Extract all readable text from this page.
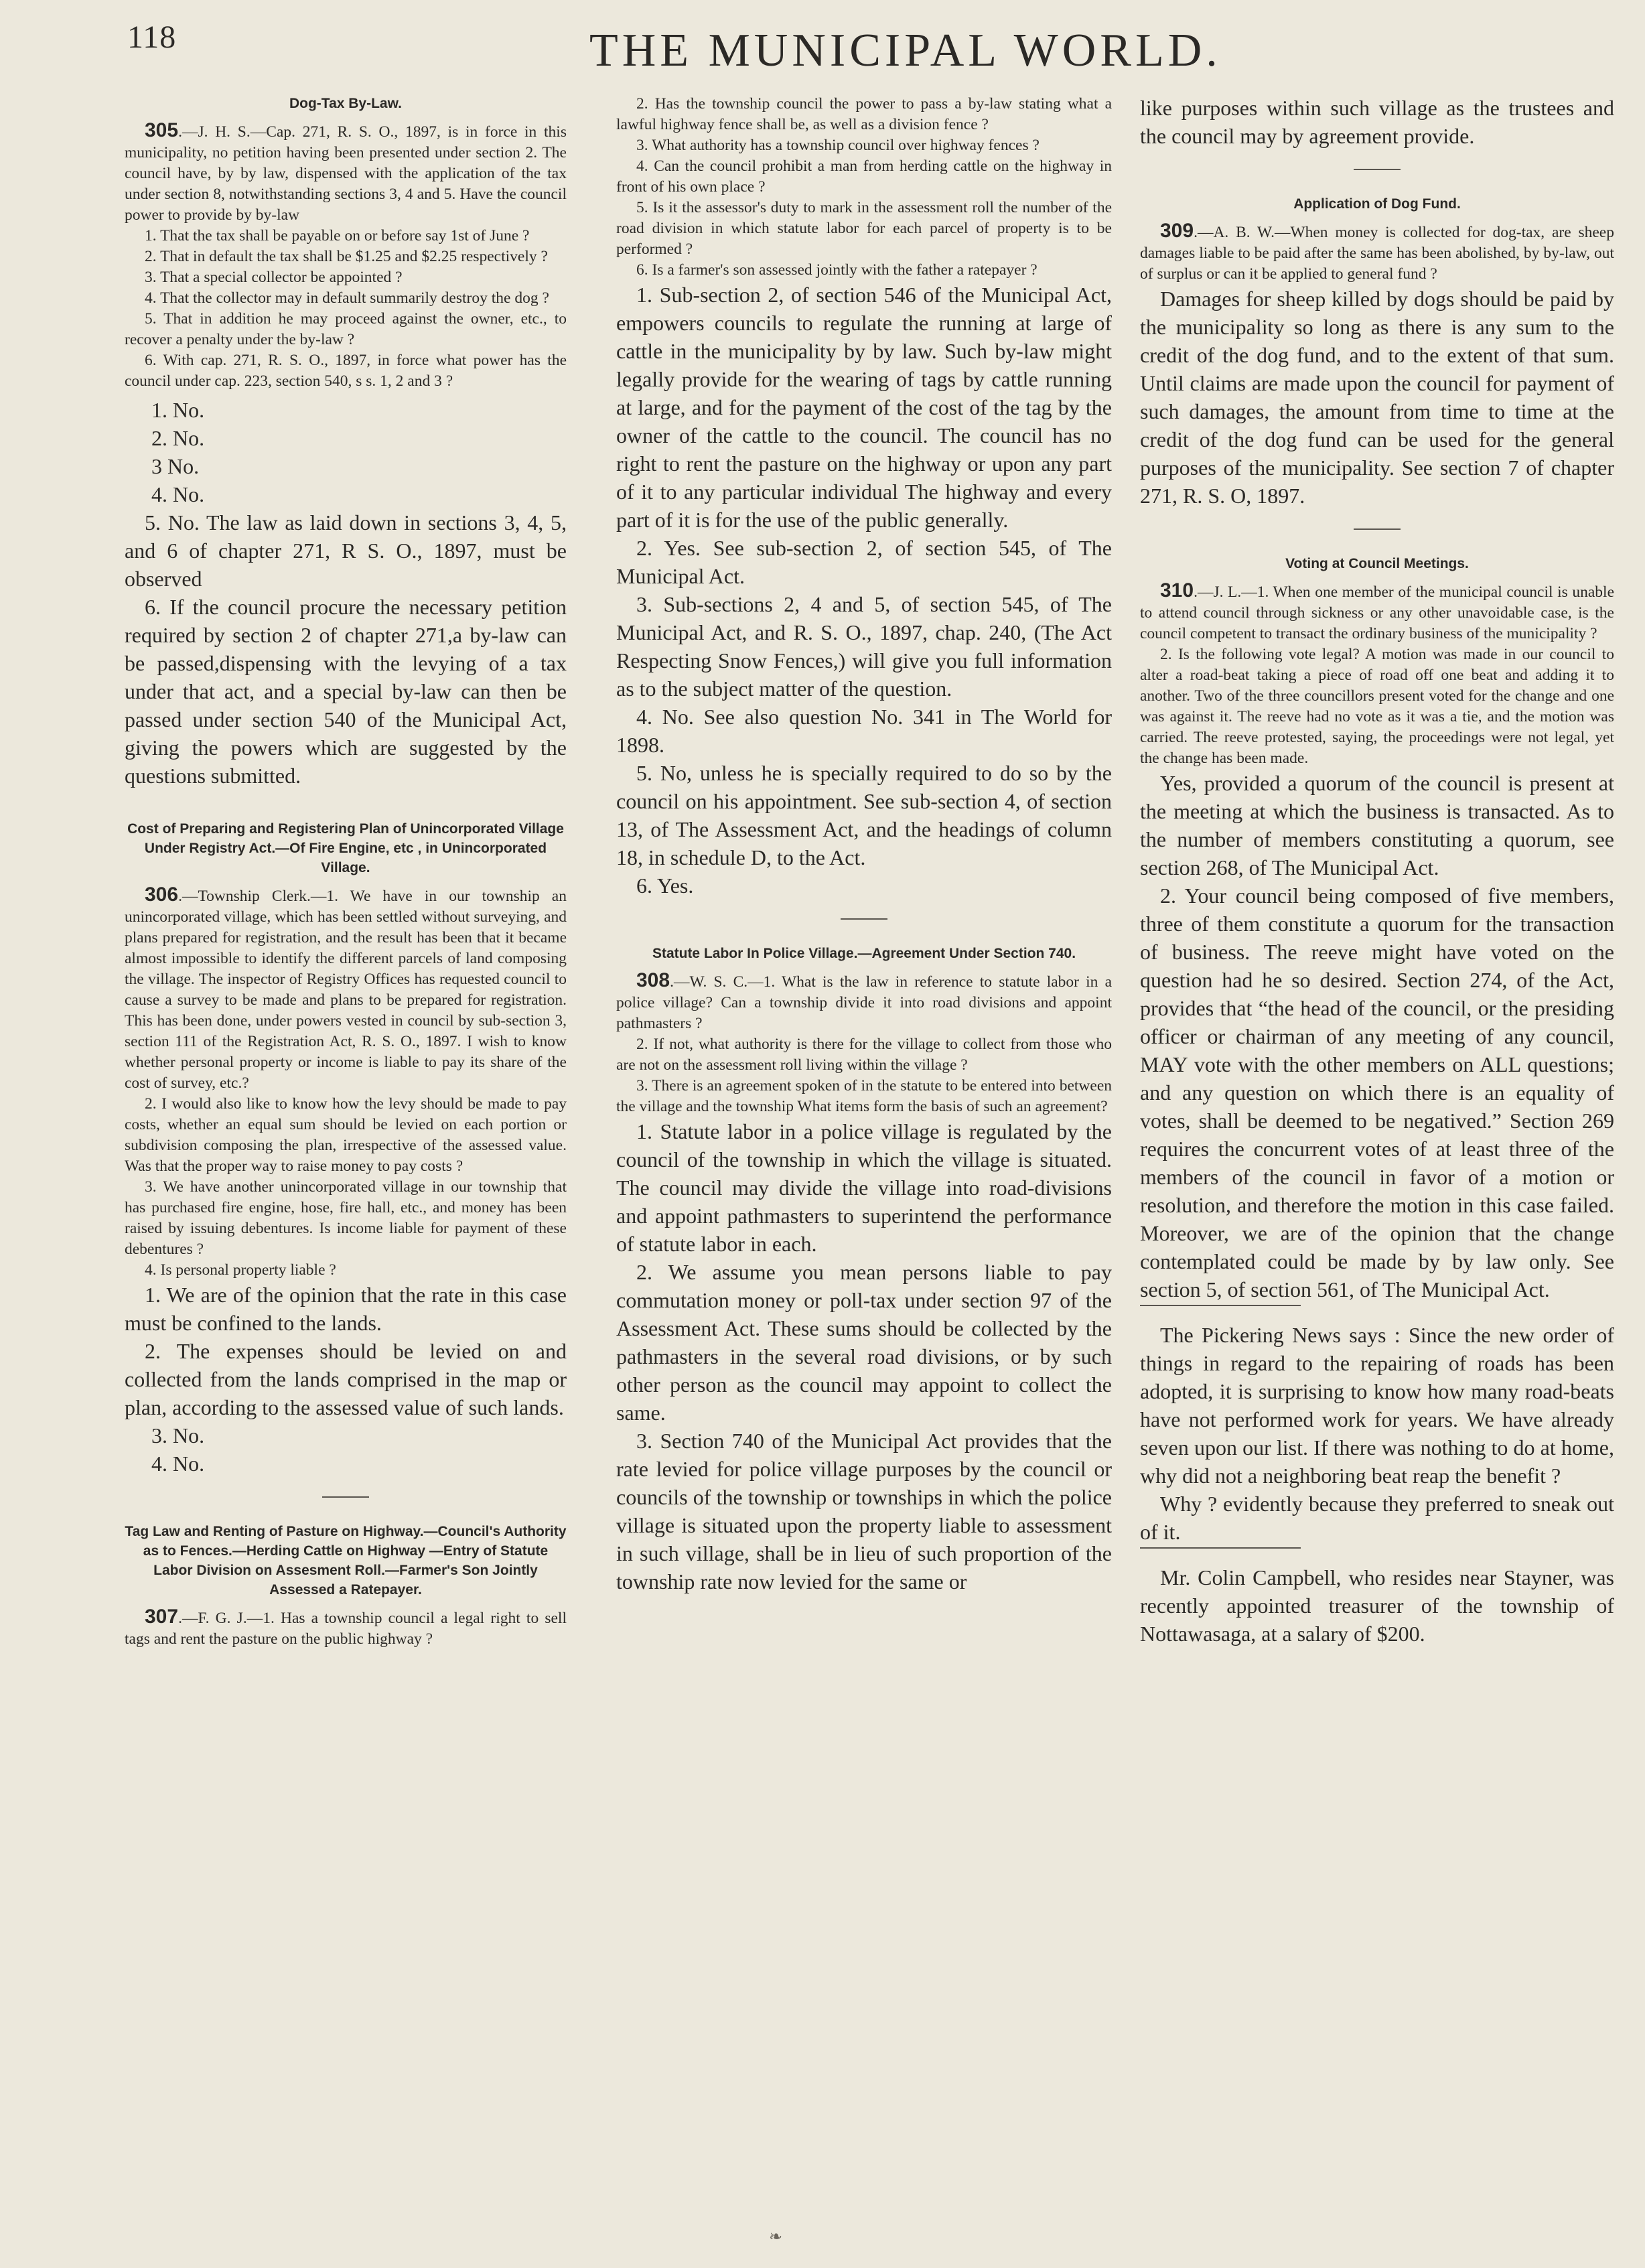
118	THE MUNICIPAL WORLD.

Dog-Tax By-Law.

305.—J. H. S.—Cap. 271, R. S. O., 1897, is in force in this municipality, no petition having been presented under section 2. The council have, by by law, dispensed with the application of the tax under section 8, notwithstanding sections 3, 4 and 5. Have the council power to provide by by-law

1. That the tax shall be payable on or before say 1st of June ?

2. That in default the tax shall be $1.25 and $2.25 respectively ?

3. That a special collector be appointed ?

4. That the collector may in default summarily destroy the dog ?

5. That in addition he may proceed against the owner, etc., to recover a penalty under the by-law ?

6. With cap. 271, R. S. O., 1897, in force what power has the council under cap. 223, section 540, s s. 1, 2 and 3 ?

1. No.

2. No.

3 No.

4. No.

5. No. The law as laid down in sections 3, 4, 5, and 6 of chapter 271, R S. O., 1897, must be observed

6. If the council procure the necessary petition required by section 2 of chapter 271,a by-law can be passed,dispensing with the levying of a tax under that act, and a special by-law can then be passed under section 540 of the Municipal Act, giving the powers which are suggested by the questions submitted.

Cost of Preparing and Registering Plan of Unincorporated Village Under Registry Act.—Of Fire Engine, etc , in Unincorporated Village.

306.—Township Clerk.—1. We have in our township an unincorporated village, which has been settled without surveying, and plans prepared for registration, and the result has been that it became almost impossible to identify the different parcels of land composing the village. The inspector of Registry Offices has requested council to cause a survey to be made and plans to be prepared for registration. This has been done, under powers vested in council by sub-section 3, section 111 of the Registration Act, R. S. O., 1897. I wish to know whether personal property or income is liable to pay its share of the cost of survey, etc.?

2. I would also like to know how the levy should be made to pay costs, whether an equal sum should be levied on each portion or subdivision composing the plan, irrespective of the assessed value. Was that the proper way to raise money to pay costs ?

3. We have another unincorporated village in our township that has purchased fire engine, hose, fire hall, etc., and money has been raised by issuing debentures. Is income liable for payment of these debentures ?

4. Is personal property liable ?

1. We are of the opinion that the rate in this case must be confined to the lands.

2. The expenses should be levied on and collected from the lands comprised in the map or plan, according to the assessed value of such lands.

3. No.

4. No.

Tag Law and Renting of Pasture on Highway.—Council's Authority as to Fences.—Herding Cattle on Highway —Entry of Statute Labor Division on Assesment Roll.—Farmer's Son Jointly Assessed a Ratepayer.

307.—F. G. J.—1. Has a township council a legal right to sell tags and rent the pasture on the public highway ?

2. Has the township council the power to pass a by-law stating what a lawful highway fence shall be, as well as a division fence ?

3. What authority has a township council over highway fences ?

4. Can the council prohibit a man from herding cattle on the highway in front of his own place ?

5. Is it the assessor's duty to mark in the assessment roll the number of the road division in which statute labor for each parcel of property is to be performed ?

6. Is a farmer's son assessed jointly with the father a ratepayer ?

1. Sub-section 2, of section 546 of the Municipal Act, empowers councils to regulate the running at large of cattle in the municipality by by law. Such by-law might legally provide for the wearing of tags by cattle running at large, and for the payment of the cost of the tag by the owner of the cattle to the council. The council has no right to rent the pasture on the highway or upon any part of it to any particular individual The highway and every part of it is for the use of the public generally.

2. Yes. See sub-section 2, of section 545, of The Municipal Act.

3. Sub-sections 2, 4 and 5, of section 545, of The Municipal Act, and R. S. O., 1897, chap. 240, (The Act Respecting Snow Fences,) will give you full information as to the subject matter of the question.

4. No. See also question No. 341 in The World for 1898.

5. No, unless he is specially required to do so by the council on his appointment. See sub-section 4, of section 13, of The Assessment Act, and the headings of column 18, in schedule D, to the Act.

6. Yes.

Statute Labor In Police Village.—Agreement Under Section 740.

308.—W. S. C.—1. What is the law in reference to statute labor in a police village? Can a township divide it into road divisions and appoint pathmasters ?

2. If not, what authority is there for the village to collect from those who are not on the assessment roll living within the village ?

3. There is an agreement spoken of in the statute to be entered into between the village and the township What items form the basis of such an agreement?

1. Statute labor in a police village is regulated by the council of the township in which the village is situated. The council may divide the village into road-divisions and appoint pathmasters to superintend the performance of statute labor in each.

2. We assume you mean persons liable to pay commutation money or poll-tax under section 97 of the Assessment Act. These sums should be collected by the pathmasters in the several road divisions, or by such other person as the council may appoint to collect the same.

3. Section 740 of the Municipal Act provides that the rate levied for police village purposes by the council or councils of the township or townships in which the police village is situated upon the property liable to assessment in such village, shall be in lieu of such proportion of the township rate now levied for the same or

like purposes within such village as the trustees and the council may by agreement provide.

Application of Dog Fund.

309.—A. B. W.—When money is collected for dog-tax, are sheep damages liable to be paid after the same has been abolished, by by-law, out of surplus or can it be applied to general fund ?

Damages for sheep killed by dogs should be paid by the municipality so long as there is any sum to the credit of the dog fund, and to the extent of that sum. Until claims are made upon the council for payment of such damages, the amount from time to time at the credit of the dog fund can be used for the general purposes of the municipality. See section 7 of chapter 271, R. S. O, 1897.

Voting at Council Meetings.

310.—J. L.—1. When one member of the municipal council is unable to attend council through sickness or any other unavoidable case, is the council competent to transact the ordinary business of the municipality ?

2. Is the following vote legal? A motion was made in our council to alter a road-beat taking a piece of road off one beat and adding it to another. Two of the three councillors present voted for the change and one was against it. The reeve had no vote as it was a tie, and the motion was carried. The reeve protested, saying, the proceedings were not legal, yet the change has been made.

Yes, provided a quorum of the council is present at the meeting at which the business is transacted. As to the number of members constituting a quorum, see section 268, of The Municipal Act.

2. Your council being composed of five members, three of them constitute a quorum for the transaction of business. The reeve might have voted on the question had he so desired. Section 274, of the Act, provides that “the head of the council, or the presiding officer or chairman of any meeting of any council, MAY vote with the other members on ALL questions; and any question on which there is an equality of votes, shall be deemed to be negatived.” Section 269 requires the concurrent votes of at least three of the members of the council in favor of a motion or resolution, and therefore the motion in this case failed. Moreover, we are of the opinion that the change contemplated could be made by by law only. See section 5, of section 561, of The Municipal Act.

The Pickering News says : Since the new order of things in regard to the repairing of roads has been adopted, it is surprising to know how many road-beats have not performed work for years. We have already seven upon our list. If there was nothing to do at home, why did not a neighboring beat reap the benefit ?

Why ? evidently because they preferred to sneak out of it.

Mr. Colin Campbell, who resides near Stayner, was recently appointed treasurer of the township of Nottawasaga, at a salary of $200.

❧
